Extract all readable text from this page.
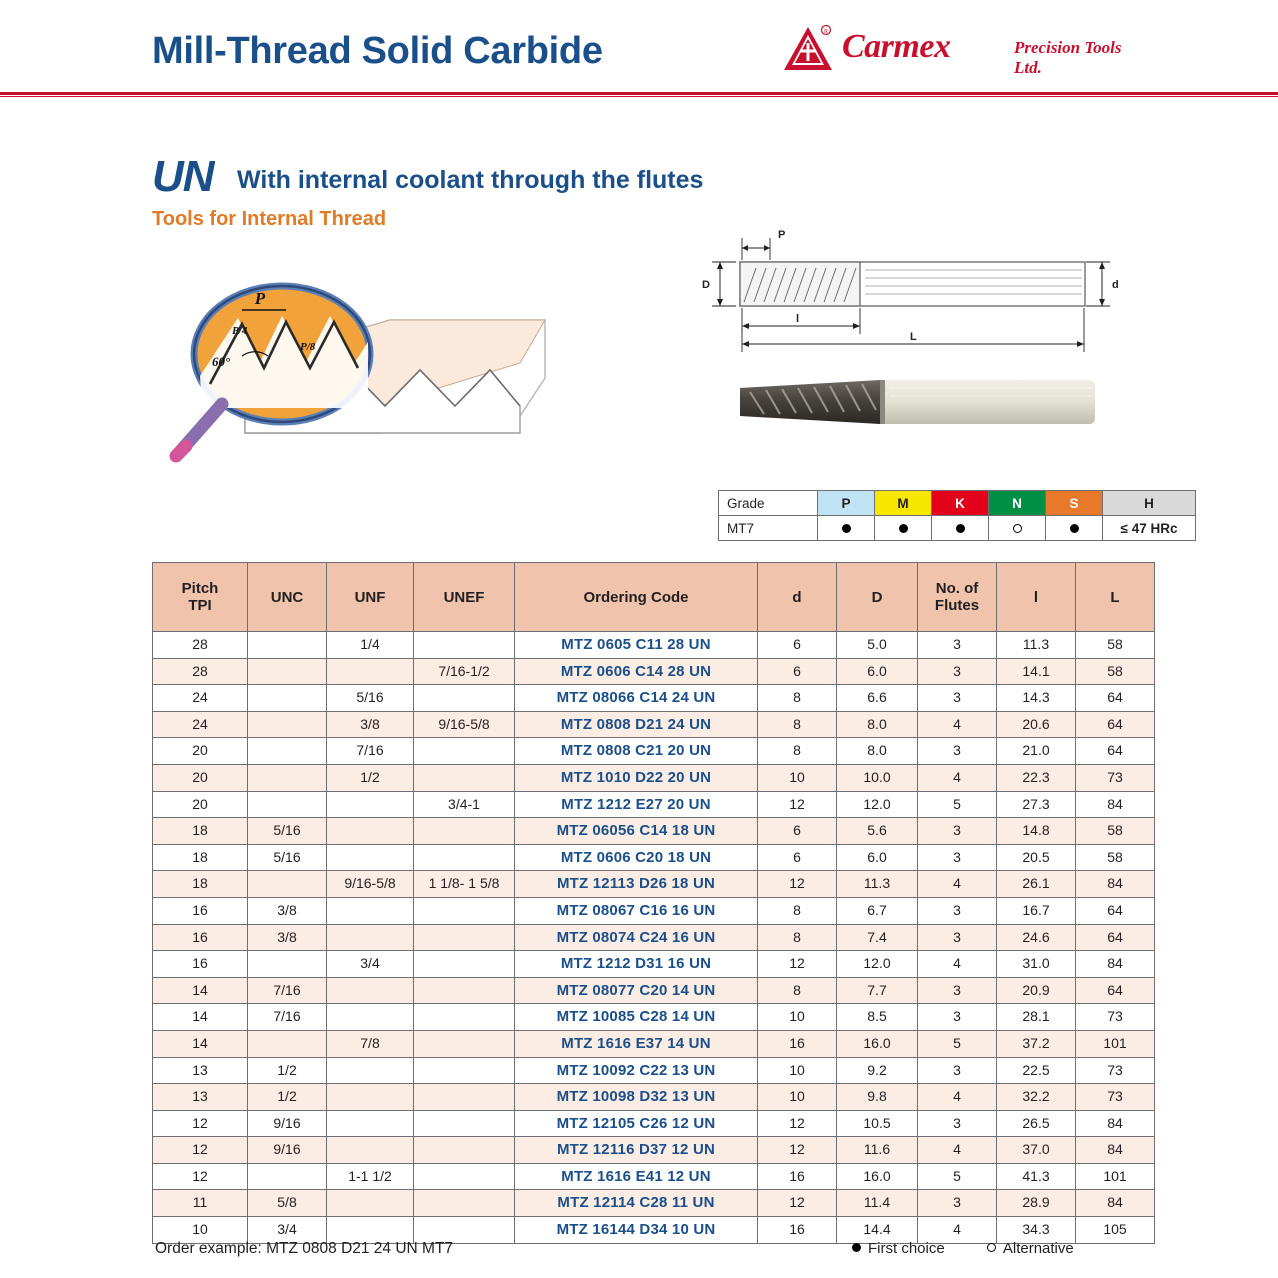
Mill-Thread Solid Carbide	R Carmex	Precision Tools Ltd.
UN With internal coolant through the flutes
Tools for Internal Thread
P
P/4
P/8
60°
P
D	d
l
L
Grade	P	M	K	N	S	H
MT7						≤ 47 HRc
Pitch
TPI	UNC	UNF	UNEF	Ordering Code	d	D	No. of
Flutes	l	L
28		1/4		MTZ 0605 C11 28 UN	6	5.0	3	11.3	58
28			7/16-1/2	MTZ 0606 C14 28 UN	6	6.0	3	14.1	58
24		5/16		MTZ 08066 C14 24 UN	8	6.6	3	14.3	64
24		3/8	9/16-5/8	MTZ 0808 D21 24 UN	8	8.0	4	20.6	64
20		7/16		MTZ 0808 C21 20 UN	8	8.0	3	21.0	64
20		1/2		MTZ 1010 D22 20 UN	10	10.0	4	22.3	73
20			3/4-1	MTZ 1212 E27 20 UN	12	12.0	5	27.3	84
18	5/16			MTZ 06056 C14 18 UN	6	5.6	3	14.8	58
18	5/16			MTZ 0606 C20 18 UN	6	6.0	3	20.5	58
18		9/16-5/8	1 1/8- 1 5/8	MTZ 12113 D26 18 UN	12	11.3	4	26.1	84
16	3/8			MTZ 08067 C16 16 UN	8	6.7	3	16.7	64
16	3/8			MTZ 08074 C24 16 UN	8	7.4	3	24.6	64
16		3/4		MTZ 1212 D31 16 UN	12	12.0	4	31.0	84
14	7/16			MTZ 08077 C20 14 UN	8	7.7	3	20.9	64
14	7/16			MTZ 10085 C28 14 UN	10	8.5	3	28.1	73
14		7/8		MTZ 1616 E37 14 UN	16	16.0	5	37.2	101
13	1/2			MTZ 10092 C22 13 UN	10	9.2	3	22.5	73
13	1/2			MTZ 10098 D32 13 UN	10	9.8	4	32.2	73
12	9/16			MTZ 12105 C26 12 UN	12	10.5	3	26.5	84
12	9/16			MTZ 12116 D37 12 UN	12	11.6	4	37.0	84
12		1-1 1/2		MTZ 1616 E41 12 UN	16	16.0	5	41.3	101
11	5/8			MTZ 12114 C28 11 UN	12	11.4	3	28.9	84
10	3/4			MTZ 16144 D34 10 UN	16	14.4	4	34.3	105
Order example: MTZ 0808 D21 24 UN MT7	First choice	Alternative
